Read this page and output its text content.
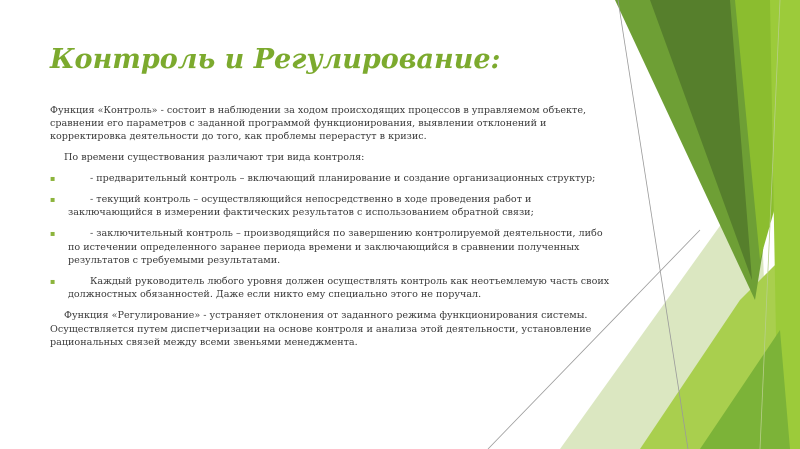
Контроль и Регулирование:

Функция «Контроль» - состоит в наблюдении за ходом происходящих процессов в управляемом объекте, сравнении его параметров с заданной программой функционирования, выявлении отклонений и корректировка деятельности до того, как проблемы перерастут в кризис.

По времени существования различают три вида контроля:

▪	- предварительный контроль – включающий планирование и создание организационных структур;
▪	- текущий контроль – осуществляющийся непосредственно в ходе проведения работ и заключающийся в измерении фактических результатов с использованием обратной связи;
▪	- заключительный контроль – производящийся по завершению контролируемой деятельности, либо по истечении определенного заранее периода времени и заключающийся в сравнении полученных результатов с требуемыми результатами.
▪	Каждый руководитель любого уровня должен осуществлять контроль как неотъемлемую часть своих должностных обязанностей. Даже если никто ему специально этого не поручал.

Функция «Регулирование» - устраняет отклонения от заданного режима функционирования системы. Осуществляется путем диспетчеризации на основе контроля и анализа этой деятельности, установление рациональных связей между всеми звеньями менеджмента.
